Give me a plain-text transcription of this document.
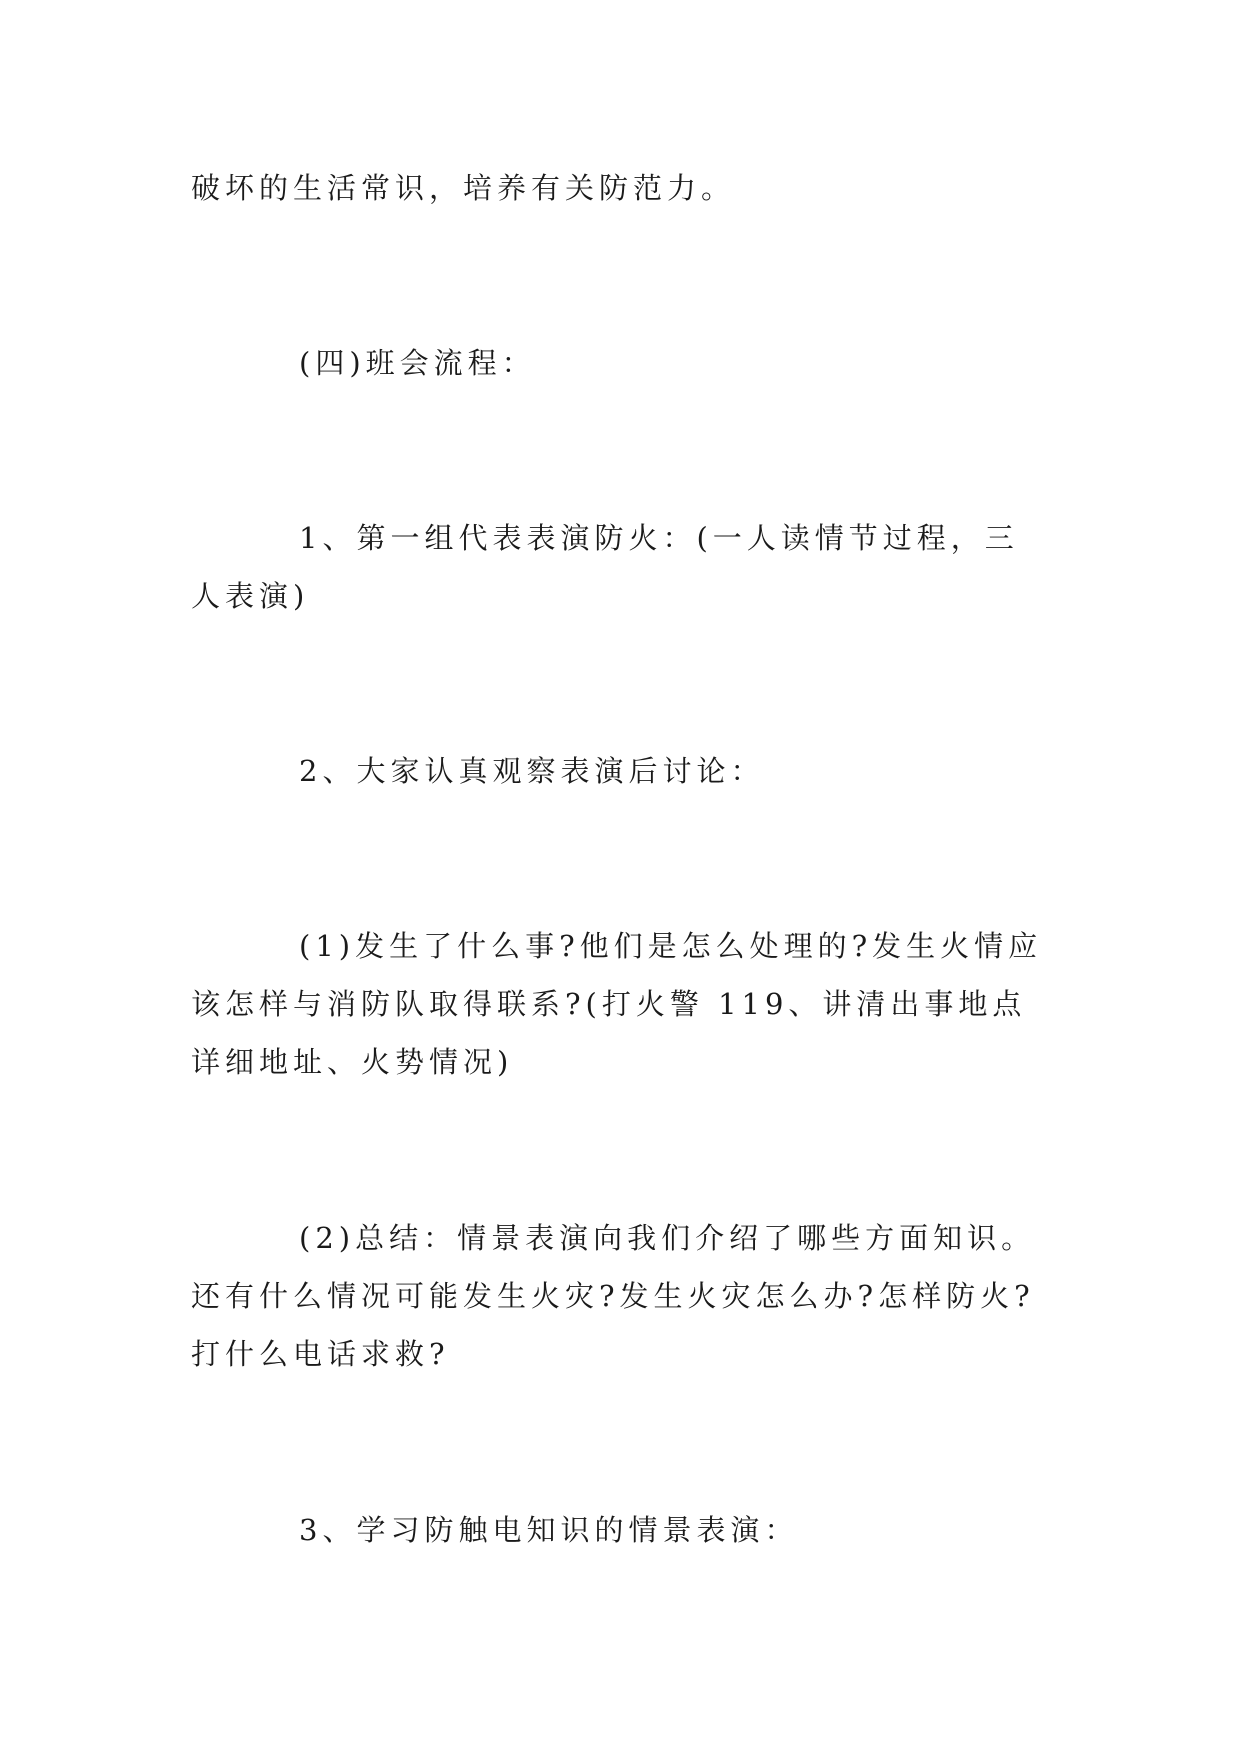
破坏的生活常识，培养有关防范力。

(四)班会流程：

1、第一组代表表演防火：(一人读情节过程，三人表演)

2、大家认真观察表演后讨论：

(1)发生了什么事?他们是怎么处理的?发生火情应该怎样与消防队取得联系?(打火警 119、讲清出事地点详细地址、火势情况)

(2)总结：情景表演向我们介绍了哪些方面知识。还有什么情况可能发生火灾?发生火灾怎么办?怎样防火?打什么电话求救?

3、学习防触电知识的情景表演：
